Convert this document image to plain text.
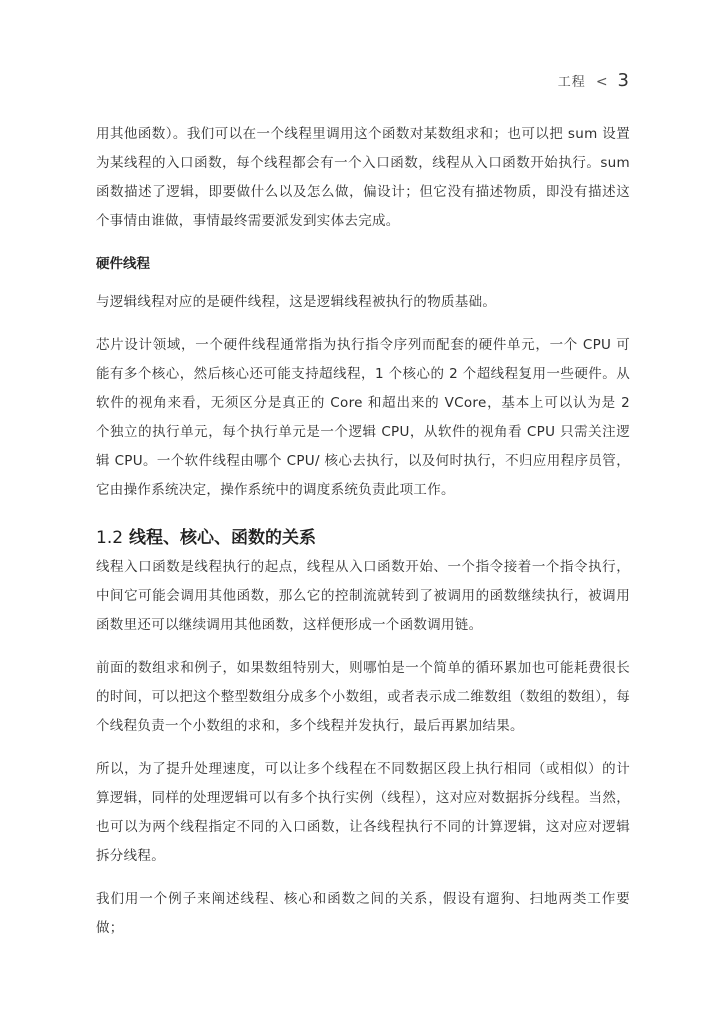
工程 < 3

用其他函数）。我们可以在一个线程里调用这个函数对某数组求和；也可以把 sum 设置为某线程的入口函数，每个线程都会有一个入口函数，线程从入口函数开始执行。sum 函数描述了逻辑，即要做什么以及怎么做，偏设计；但它没有描述物质，即没有描述这个事情由谁做，事情最终需要派发到实体去完成。

硬件线程

与逻辑线程对应的是硬件线程，这是逻辑线程被执行的物质基础。

芯片设计领域，一个硬件线程通常指为执行指令序列而配套的硬件单元，一个 CPU 可能有多个核心，然后核心还可能支持超线程，1 个核心的 2 个超线程复用一些硬件。从软件的视角来看，无须区分是真正的 Core 和超出来的 VCore，基本上可以认为是 2 个独立的执行单元，每个执行单元是一个逻辑 CPU，从软件的视角看 CPU 只需关注逻辑 CPU。一个软件线程由哪个 CPU/ 核心去执行，以及何时执行，不归应用程序员管，它由操作系统决定，操作系统中的调度系统负责此项工作。

1.2 线程、核心、函数的关系

线程入口函数是线程执行的起点，线程从入口函数开始、一个指令接着一个指令执行，中间它可能会调用其他函数，那么它的控制流就转到了被调用的函数继续执行，被调用函数里还可以继续调用其他函数，这样便形成一个函数调用链。

前面的数组求和例子，如果数组特别大，则哪怕是一个简单的循环累加也可能耗费很长的时间，可以把这个整型数组分成多个小数组，或者表示成二维数组（数组的数组），每个线程负责一个小数组的求和，多个线程并发执行，最后再累加结果。

所以，为了提升处理速度，可以让多个线程在不同数据区段上执行相同（或相似）的计算逻辑，同样的处理逻辑可以有多个执行实例（线程），这对应对数据拆分线程。当然，也可以为两个线程指定不同的入口函数，让各线程执行不同的计算逻辑，这对应对逻辑拆分线程。

我们用一个例子来阐述线程、核心和函数之间的关系，假设有遛狗、扫地两类工作要做；
